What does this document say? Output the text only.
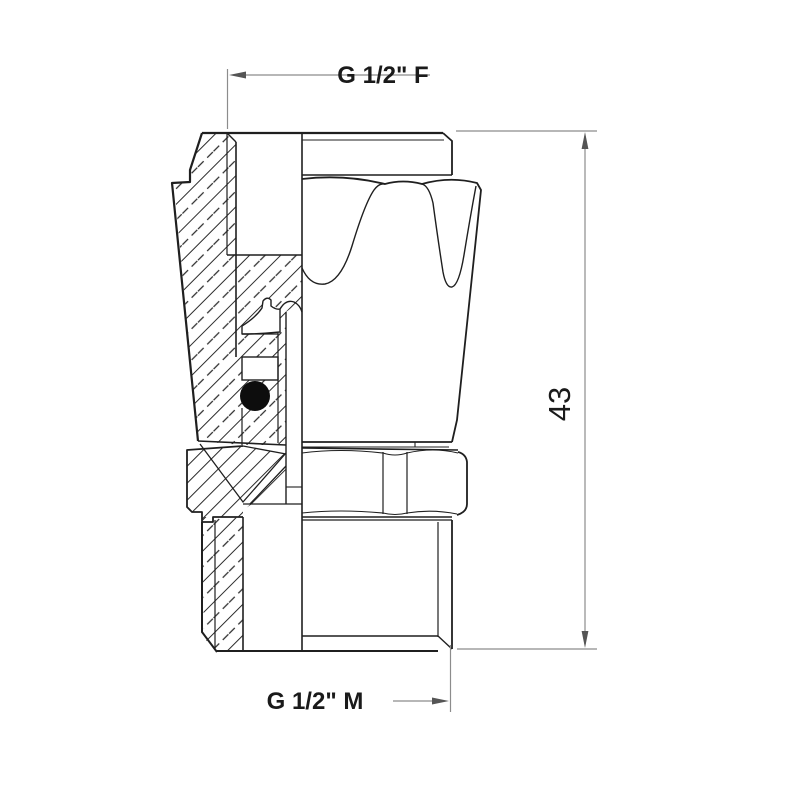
G 1/2" F
G 1/2" M
43
